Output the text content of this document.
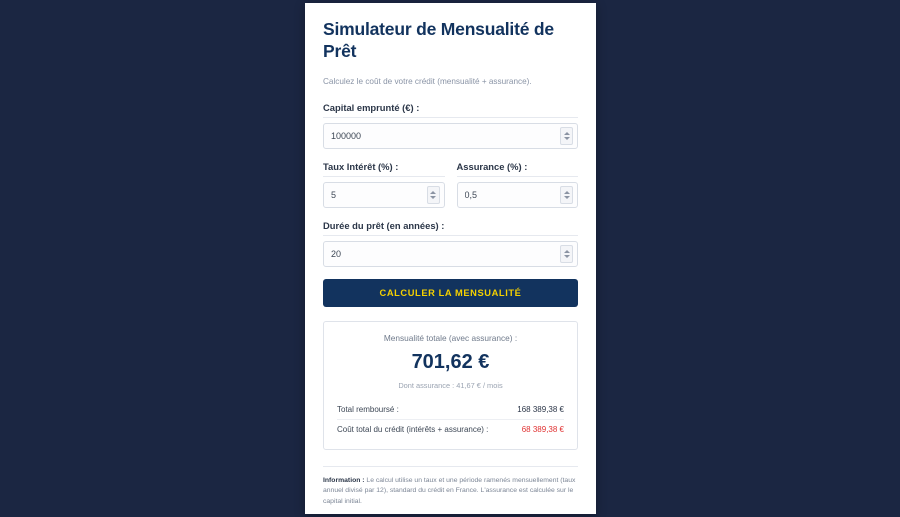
Simulateur de Mensualité de Prêt

Calculez le coût de votre crédit (mensualité + assurance).

Capital emprunté (€) :
100000
Taux Intérêt (%) :
5	Assurance (%) :
0,5
Durée du prêt (en années) :
20
CALCULER LA MENSUALITÉ
Mensualité totale (avec assurance) :
701,62 €
Dont assurance : 41,67 € / mois
Total remboursé :	168 389,38 €
Coût total du crédit (intérêts + assurance) :	68 389,38 €
Information : Le calcul utilise un taux et une période ramenés mensuellement (taux annuel divisé par 12), standard du crédit en France. L'assurance est calculée sur le capital initial.
